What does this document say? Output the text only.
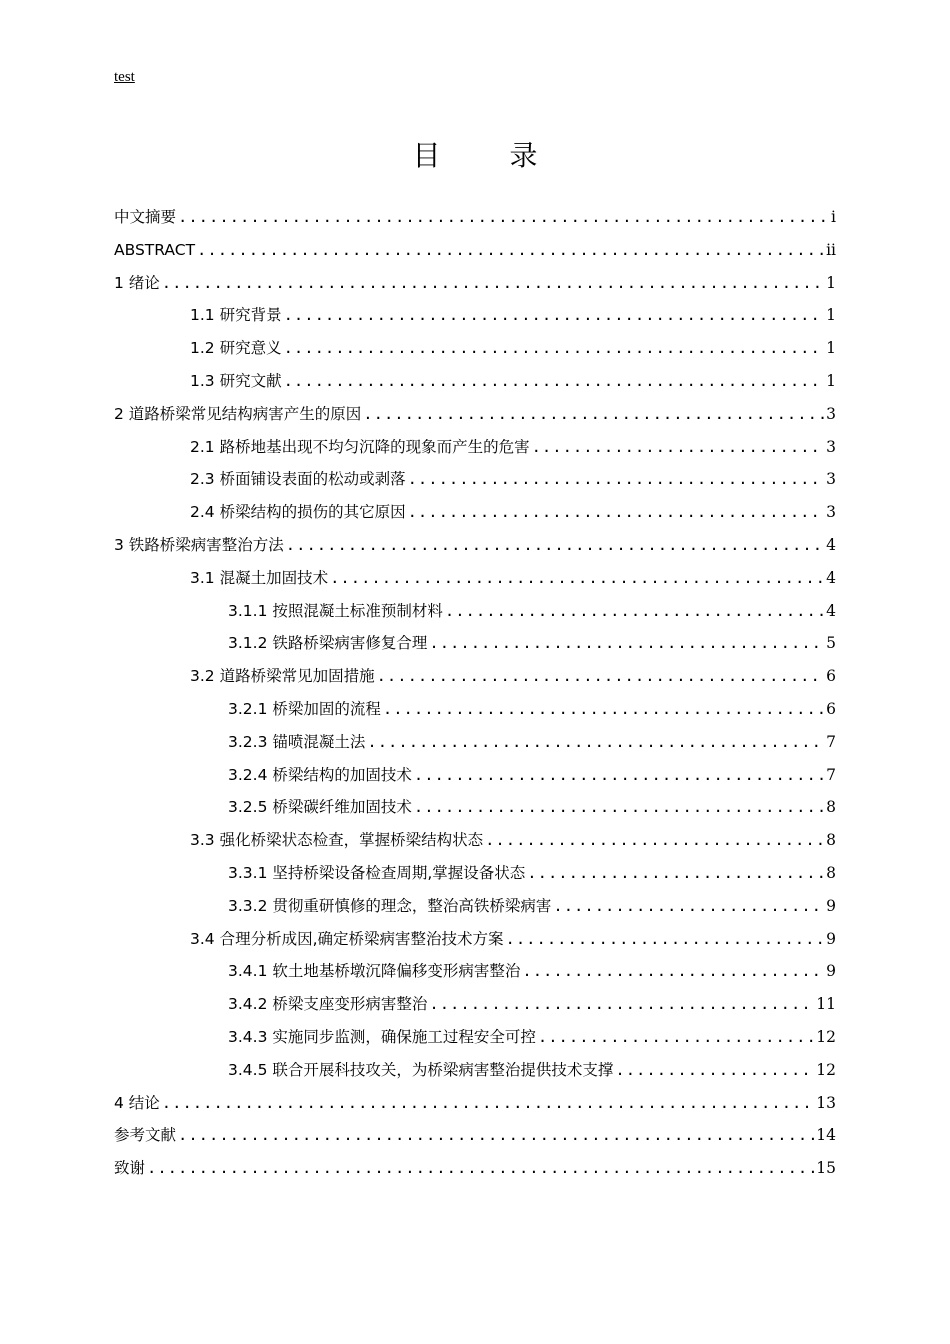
test
目 录
中文摘要 .....	i
ABSTRACT .....	ii
1 绪论 .....	1
1.1 研究背景 .....	1
1.2 研究意义 .....	1
1.3 研究文献 .....	1
2 道路桥梁常见结构病害产生的原因 .....	3
2.1 路桥地基出现不均匀沉降的现象而产生的危害 .....	3
2.3 桥面铺设表面的松动或剥落 .....	3
2.4 桥梁结构的损伤的其它原因 .....	3
3 铁路桥梁病害整治方法 .....	4
3.1 混凝土加固技术 .....	4
3.1.1 按照混凝土标准预制材料 .....	4
3.1.2 铁路桥梁病害修复合理 .....	5
3.2 道路桥梁常见加固措施 .....	6
3.2.1 桥梁加固的流程 .....	6
3.2.3 锚喷混凝土法 .....	7
3.2.4 桥梁结构的加固技术 .....	7
3.2.5 桥梁碳纤维加固技术 .....	8
3.3 强化桥梁状态检查，掌握桥梁结构状态 .....	8
3.3.1 坚持桥梁设备检查周期,掌握设备状态 .....	8
3.3.2 贯彻重研慎修的理念，整治高铁桥梁病害 .....	9
3.4 合理分析成因,确定桥梁病害整治技术方案 .....	9
3.4.1 软土地基桥墩沉降偏移变形病害整治 .....	9
3.4.2 桥梁支座变形病害整治 .....	11
3.4.3 实施同步监测，确保施工过程安全可控 .....	12
3.4.5 联合开展科技攻关，为桥梁病害整治提供技术支撑 .....	12
4 结论 .....	13
参考文献 .....	14
致谢 .....	15
